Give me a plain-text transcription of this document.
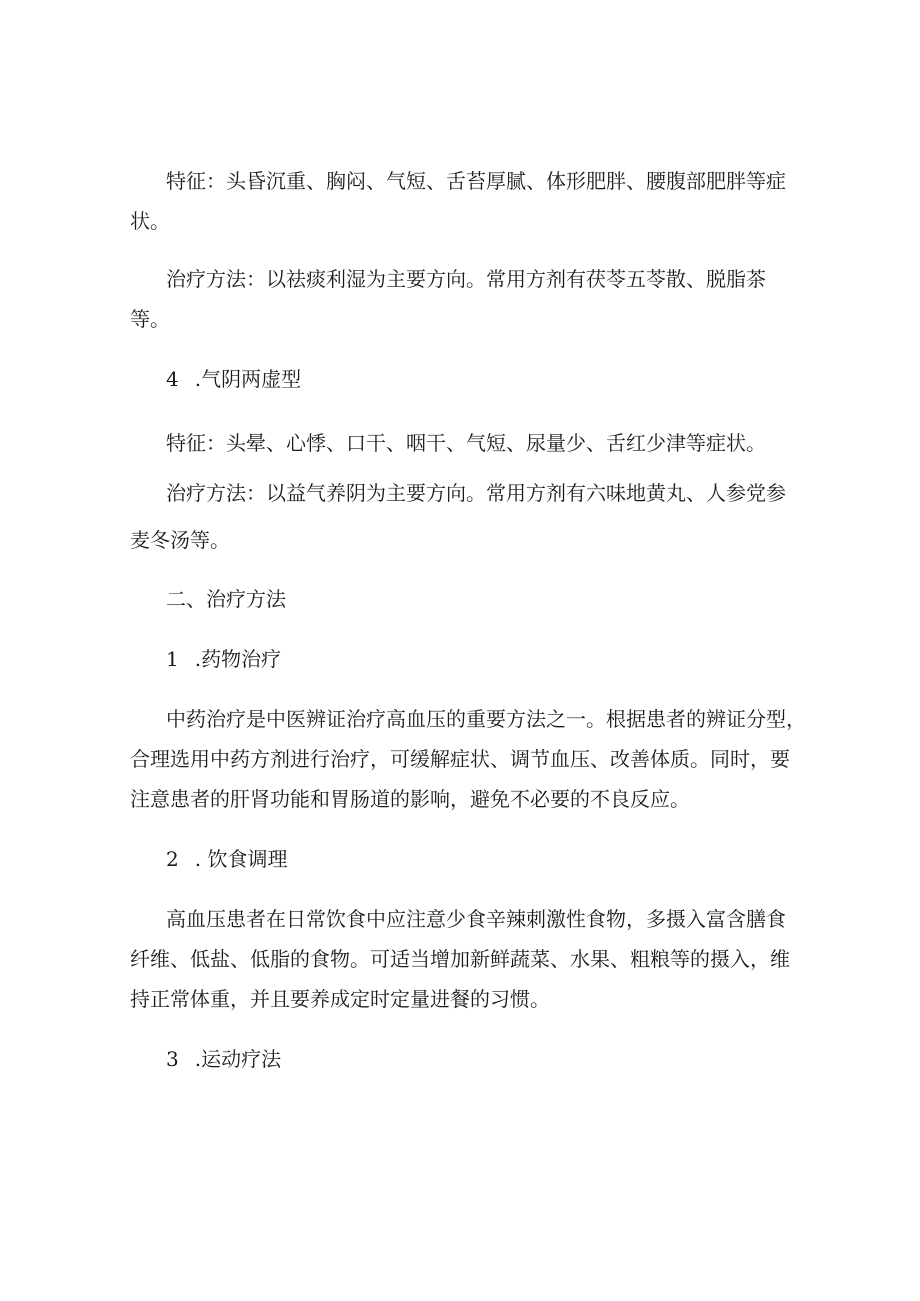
特征：头昏沉重、胸闷、气短、舌苔厚腻、体形肥胖、腰腹部肥胖等症
状。
治疗方法：以祛痰利湿为主要方向。常用方剂有茯苓五苓散、脱脂茶
等。
4 .气阴两虚型
特征：头晕、心悸、口干、咽干、气短、尿量少、舌红少津等症状。
治疗方法：以益气养阴为主要方向。常用方剂有六味地黄丸、人参党参
麦冬汤等。
二、治疗方法
1 .药物治疗
中药治疗是中医辨证治疗高血压的重要方法之一。根据患者的辨证分型，
合理选用中药方剂进行治疗，可缓解症状、调节血压、改善体质。同时，要
注意患者的肝肾功能和胃肠道的影响，避免不必要的不良反应。
2 . 饮食调理
高血压患者在日常饮食中应注意少食辛辣刺激性食物，多摄入富含膳食
纤维、低盐、低脂的食物。可适当增加新鲜蔬菜、水果、粗粮等的摄入，维
持正常体重，并且要养成定时定量进餐的习惯。
3 .运动疗法
